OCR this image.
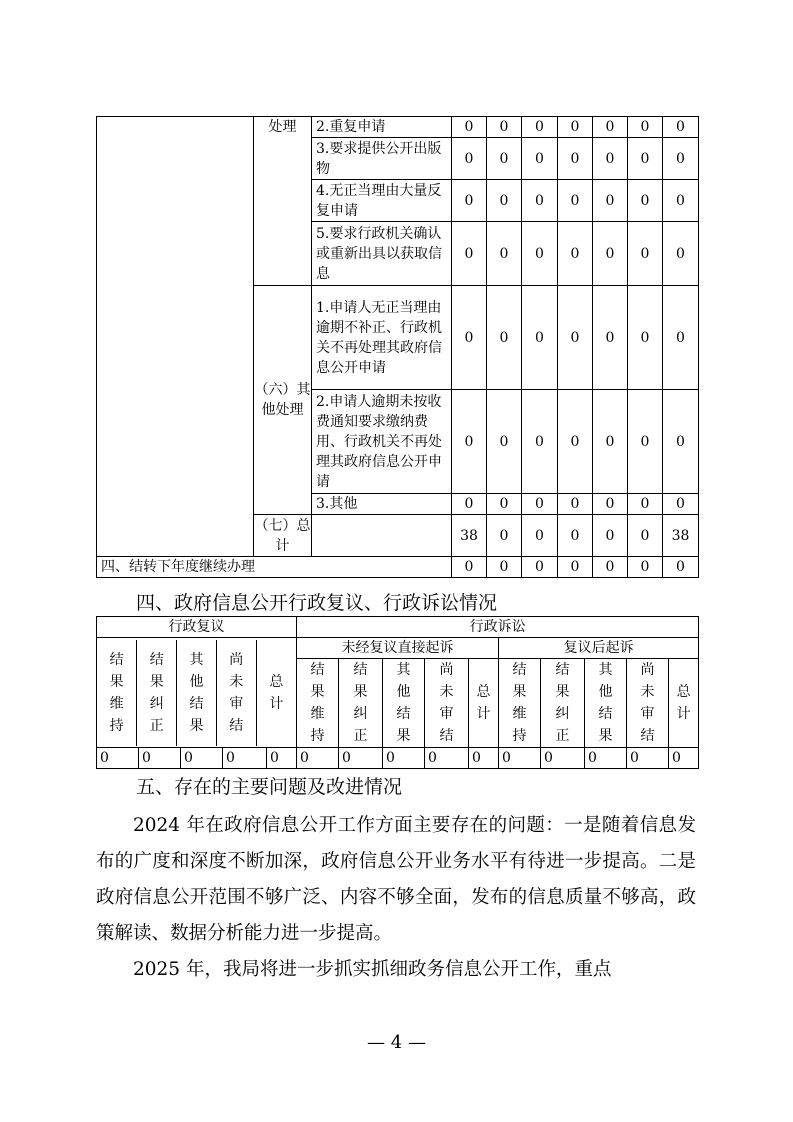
	处理	2.重复申请	0	0	0	0	0	0	0
		3.要求提供公开出版物	0	0	0	0	0	0	0
		4.无正当理由大量反复申请	0	0	0	0	0	0	0
		5.要求行政机关确认或重新出具以获取信息	0	0	0	0	0	0	0
	（六）其他处理	1.申请人无正当理由逾期不补正、行政机关不再处理其政府信息公开申请	0	0	0	0	0	0	0
		2.申请人逾期未按收费通知要求缴纳费用、行政机关不再处理其政府信息公开申请	0	0	0	0	0	0	0
		3.其他	0	0	0	0	0	0	0
	（七）总计		38	0	0	0	0	0	38
四、结转下年度继续办理			0	0	0	0	0	0	0
四、政府信息公开行政复议、行政诉讼情况
行政复议	行政诉讼

结
果
维
持	结
果
纠
正	其
他
结
果	尚
未
审
结	总
计
	未经复议直接起诉	复议后起诉
结
果
维
持	结
果
纠
正	其
他
结
果	尚
未
审
结	总
计	结
果
维
持	结
果
纠
正	其
他
结
果	尚
未
审
结	总
计
0	0	0	0	0	0	0	0	0	0	0	0	0	0	0
五、存在的主要问题及改进情况
2024 年在政府信息公开工作方面主要存在的问题：一是随着信息发布的广度和深度不断加深，政府信息公开业务水平有待进一步提高。二是政府信息公开范围不够广泛、内容不够全面，发布的信息质量不够高，政策解读、数据分析能力进一步提高。
2025 年，我局将进一步抓实抓细政务信息公开工作，重点
— 4 —
